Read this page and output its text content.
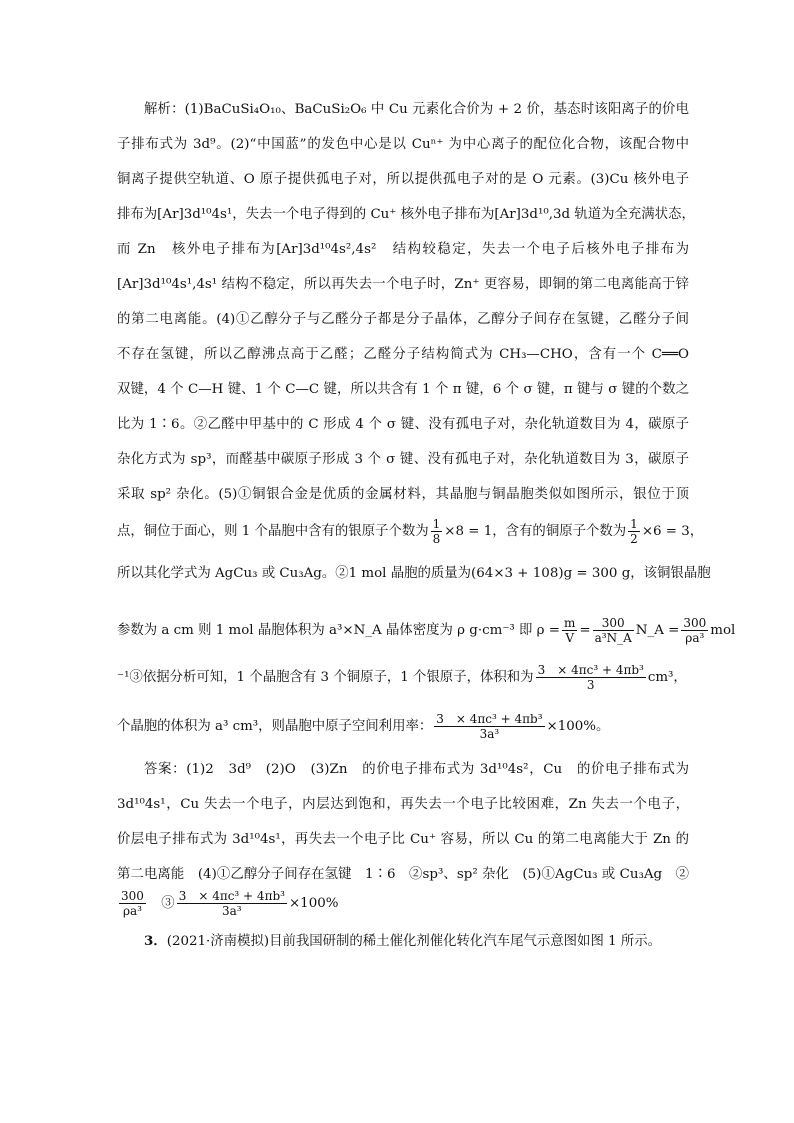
解析：(1)BaCuSi₄O₁₀、BaCuSi₂O₆ 中 Cu 元素化合价为 + 2 价，基态时该阳离子的价电
子排布式为 3d⁹。(2)“中国蓝”的发色中心是以 Cuⁿ⁺ 为中心离子的配位化合物，该配合物中
铜离子提供空轨道、O 原子提供孤电子对，所以提供孤电子对的是 O 元素。(3)Cu 核外电子
排布为[Ar]3d¹⁰4s¹，失去一个电子得到的 Cu⁺ 核外电子排布为[Ar]3d¹⁰,3d 轨道为全充满状态，
而 Zn　核外电子排布为[Ar]3d¹⁰4s²,4s²　结构较稳定，失去一个电子后核外电子排布为
[Ar]3d¹⁰4s¹,4s¹ 结构不稳定，所以再失去一个电子时，Zn⁺ 更容易，即铜的第二电离能高于锌
的第二电离能。(4)①乙醇分子与乙醛分子都是分子晶体，乙醇分子间存在氢键，乙醛分子间
不存在氢键，所以乙醇沸点高于乙醛；乙醛分子结构简式为 CH₃—CHO，含有一个 C══O
双键，4 个 C—H 键、1 个 C—C 键，所以共含有 1 个 π 键，6 个 σ 键，π 键与 σ 键的个数之
比为 1∶6。②乙醛中甲基中的 C 形成 4 个 σ 键、没有孤电子对，杂化轨道数目为 4，碳原子
杂化方式为 sp³，而醛基中碳原子形成 3 个 σ 键、没有孤电子对，杂化轨道数目为 3，碳原子
采取 sp² 杂化。(5)①铜银合金是优质的金属材料，其晶胞与铜晶胞类似如图所示，银位于顶
点，铜位于面心，则 1 个晶胞中含有的银原子个数为 $\frac{1}{8} \times 8 = 1$，含有的铜原子个数为 $\frac{1}{2} \times 6 = 3$，
所以其化学式为 AgCu₃ 或 Cu₃Ag。②1 mol 晶胞的质量为(64×3 + 108)g = 300 g，该铜银晶胞
参数为 a cm 则 1 mol 晶胞体积为 a³×N_A 晶体密度为 ρ g·cm⁻³ 即 $\rho = \frac{m}{V} = \frac{300}{\text{a³N\_A}}$ N_A = $\frac{300}{\text{ρa³}}$ mol
⁻¹③依据分析可知，1 个晶胞含有 3 个铜原子，1 个银原子，体积和为 $\frac{\text{3　× 4πc³ + 4πb³}}{3} cm^3$，
个晶胞的体积为 a³ cm³，则晶胞中原子空间利用率： $\frac{\text{3　× 4πc³ + 4πb³}}{\text{3a³}} \times 100\%$。
答案：(1)2　3d⁹　(2)O　(3)Zn　的价电子排布式为 3d¹⁰4s²，Cu　的价电子排布式为
3d¹⁰4s¹，Cu 失去一个电子，内层达到饱和，再失去一个电子比较困难，Zn 失去一个电子，
价层电子排布式为 3d¹⁰4s¹，再失去一个电子比 Cu⁺ 容易，所以 Cu 的第二电离能大于 Zn 的
第二电离能　(4)①乙醇分子间存在氢键　1∶6　②sp³、sp² 杂化　(5)①AgCu₃ 或 Cu₃Ag　②
$\frac{300}{\text{ρa³}}$
　 ③ $\frac{\text{3　× 4πc³ + 4πb³}}{\text{3a³}} \times 100\%$
3．(2021·济南模拟)目前我国研制的稀土催化剂催化转化汽车尾气示意图如图 1 所示。
